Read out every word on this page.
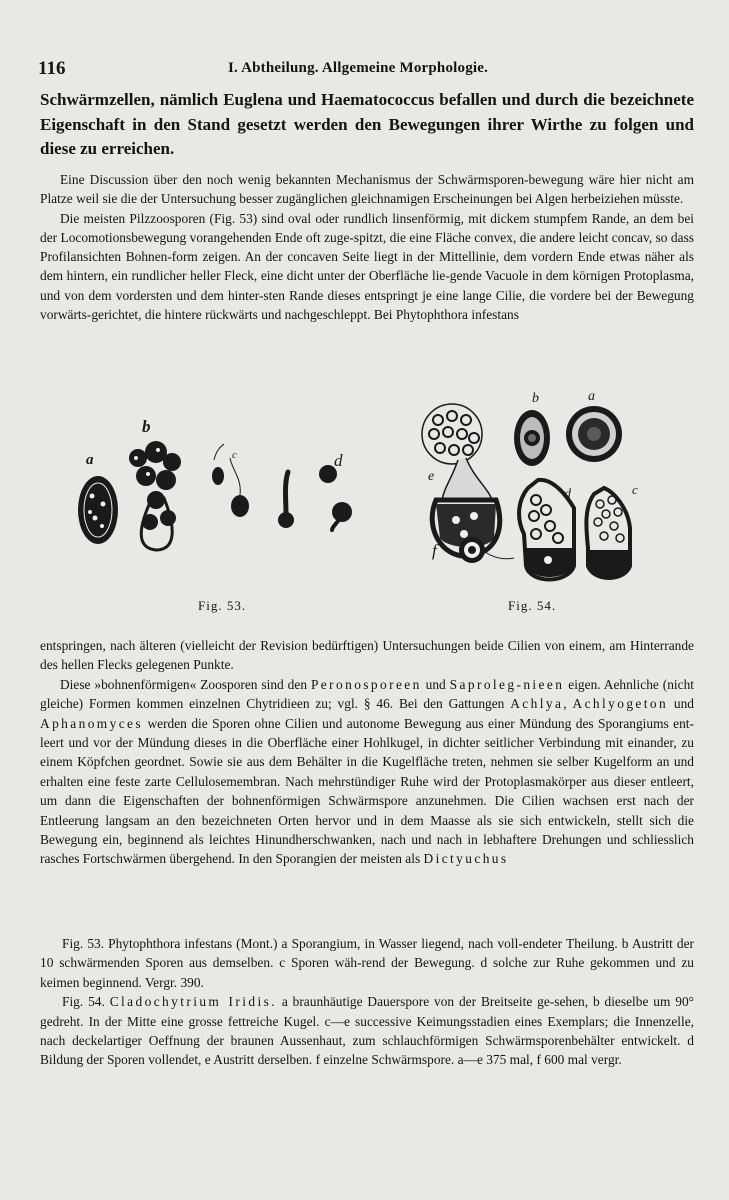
116	I. Abtheilung. Allgemeine Morphologie.

Schwärmzellen, nämlich Euglena und Haematococcus befallen und durch die bezeichnete Eigenschaft in den Stand gesetzt werden den Bewegungen ihrer Wirthe zu folgen und diese zu erreichen.

Eine Discussion über den noch wenig bekannten Mechanismus der Schwärmsporen-bewegung wäre hier nicht am Platze weil sie die der Untersuchung besser zugänglichen gleichnamigen Erscheinungen bei Algen herbeiziehen müsste.

Die meisten Pilzzoosporen (Fig. 53) sind oval oder rundlich linsenförmig, mit dickem stumpfem Rande, an dem bei der Locomotionsbewegung vorangehenden Ende oft zuge-spitzt, die eine Fläche convex, die andere leicht concav, so dass Profilansichten Bohnen-form zeigen. An der concaven Seite liegt in der Mittellinie, dem vordern Ende etwas näher als dem hintern, ein rundlicher heller Fleck, eine dicht unter der Oberfläche lie-gende Vacuole in dem körnigen Protoplasma, und von dem vordersten und dem hinter-sten Rande dieses entspringt je eine lange Cilie, die vordere bei der Bewegung vorwärts-gerichtet, die hintere rückwärts und nachgeschleppt. Bei Phytophthora infestans

a
b
c	d
Fig. 53.
a
b
c
d
e
f
Fig. 54.

entspringen, nach älteren (vielleicht der Revision bedürftigen) Untersuchungen beide Cilien von einem, am Hinterrande des hellen Flecks gelegenen Punkte.

Diese »bohnenförmigen« Zoosporen sind den Peronosporeen und Saproleg-nieen eigen. Aehnliche (nicht gleiche) Formen kommen einzelnen Chytridieen zu; vgl. § 46. Bei den Gattungen Achlya, Achlyogeton und Aphanomyces werden die Sporen ohne Cilien und autonome Bewegung aus einer Mündung des Sporangiums ent-leert und vor der Mündung dieses in die Oberfläche einer Hohlkugel, in dichter seitlicher Verbindung mit einander, zu einem Köpfchen geordnet. Sowie sie aus dem Behälter in die Kugelfläche treten, nehmen sie selber Kugelform an und erhalten eine feste zarte Cellulosemembran. Nach mehrstündiger Ruhe wird der Protoplasmakörper aus dieser entleert, um dann die Eigenschaften der bohnenförmigen Schwärmspore anzunehmen. Die Cilien wachsen erst nach der Entleerung langsam an den bezeichneten Orten hervor und in dem Maasse als sie sich entwickeln, stellt sich die Bewegung ein, beginnend als leichtes Hinundherschwanken, nach und nach in lebhaftere Drehungen und schliesslich rasches Fortschwärmen übergehend. In den Sporangien der meisten als Dictyuchus

Fig. 53. Phytophthora infestans (Mont.) a Sporangium, in Wasser liegend, nach voll-endeter Theilung. b Austritt der 10 schwärmenden Sporen aus demselben. c Sporen wäh-rend der Bewegung. d solche zur Ruhe gekommen und zu keimen beginnend. Vergr. 390.

Fig. 54. Cladochytrium Iridis. a braunhäutige Dauerspore von der Breitseite ge-sehen, b dieselbe um 90° gedreht. In der Mitte eine grosse fettreiche Kugel. c—e successive Keimungsstadien eines Exemplars; die Innenzelle, nach deckelartiger Oeffnung der braunen Aussenhaut, zum schlauchförmigen Schwärmsporenbehälter entwickelt. d Bildung der Sporen vollendet, e Austritt derselben. f einzelne Schwärmspore. a—e 375 mal, f 600 mal vergr.
